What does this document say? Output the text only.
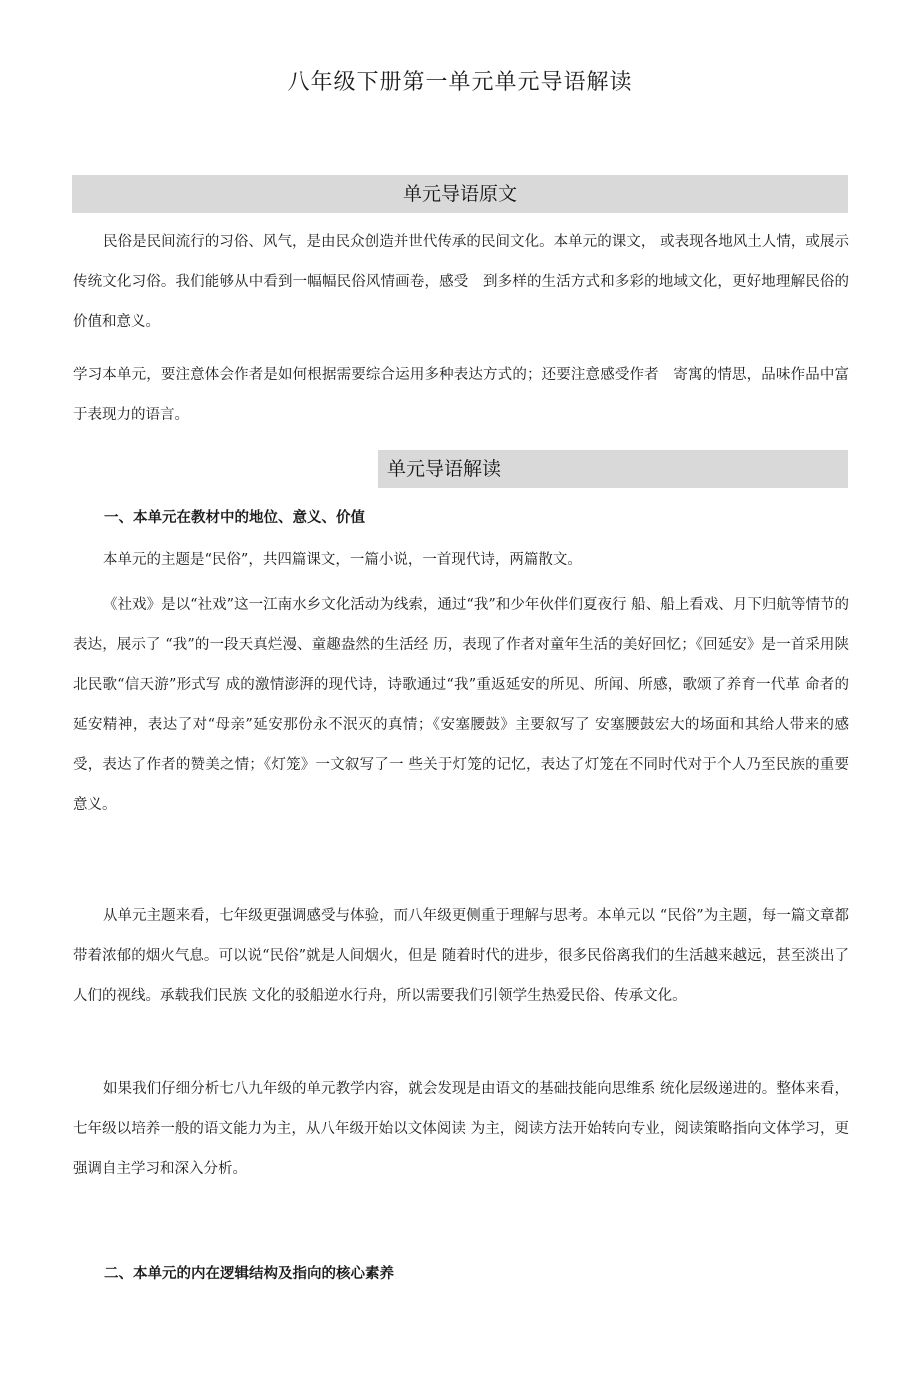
八年级下册第一单元单元导语解读
单元导语原文

民俗是民间流行的习俗、风气，是由民众创造并世代传承的民间文化。本单元的课文， 或表现各地风土人情，或展示传统文化习俗。我们能够从中看到一幅幅民俗风情画卷，感受　到多样的生活方式和多彩的地域文化，更好地理解民俗的价值和意义。

学习本单元，要注意体会作者是如何根据需要综合运用多种表达方式的；还要注意感受作者　寄寓的情思，品味作品中富于表现力的语言。

单元导语解读
一、本单元在教材中的地位、意义、价值

本单元的主题是“民俗”，共四篇课文，一篇小说，一首现代诗，两篇散文。

《社戏》是以“社戏”这一江南水乡文化活动为线索，通过“我”和少年伙伴们夏夜行 船、船上看戏、月下归航等情节的表达，展示了 “我”的一段天真烂漫、童趣盎然的生活经 历，表现了作者对童年生活的美好回忆；《回延安》是一首采用陕北民歌“信天游”形式写 成的激情澎湃的现代诗，诗歌通过“我”重返延安的所见、所闻、所感，歌颂了养育一代革 命者的延安精神，表达了对“母亲”延安那份永不泯灭的真情；《安塞腰鼓》主要叙写了 安塞腰鼓宏大的场面和其给人带来的感受，表达了作者的赞美之情；《灯笼》一文叙写了一 些关于灯笼的记忆，表达了灯笼在不同时代对于个人乃至民族的重要意义。

从单元主题来看，七年级更强调感受与体验，而八年级更侧重于理解与思考。本单元以 “民俗”为主题，每一篇文章都带着浓郁的烟火气息。可以说“民俗”就是人间烟火，但是 随着时代的进步，很多民俗离我们的生活越来越远，甚至淡出了人们的视线。承载我们民族 文化的驳船逆水行舟，所以需要我们引领学生热爱民俗、传承文化。

如果我们仔细分析七八九年级的单元教学内容，就会发现是由语文的基础技能向思维系 统化层级递进的。整体来看，七年级以培养一般的语文能力为主，从八年级开始以文体阅读 为主，阅读方法开始转向专业，阅读策略指向文体学习，更强调自主学习和深入分析。

二、本单元的内在逻辑结构及指向的核心素养
